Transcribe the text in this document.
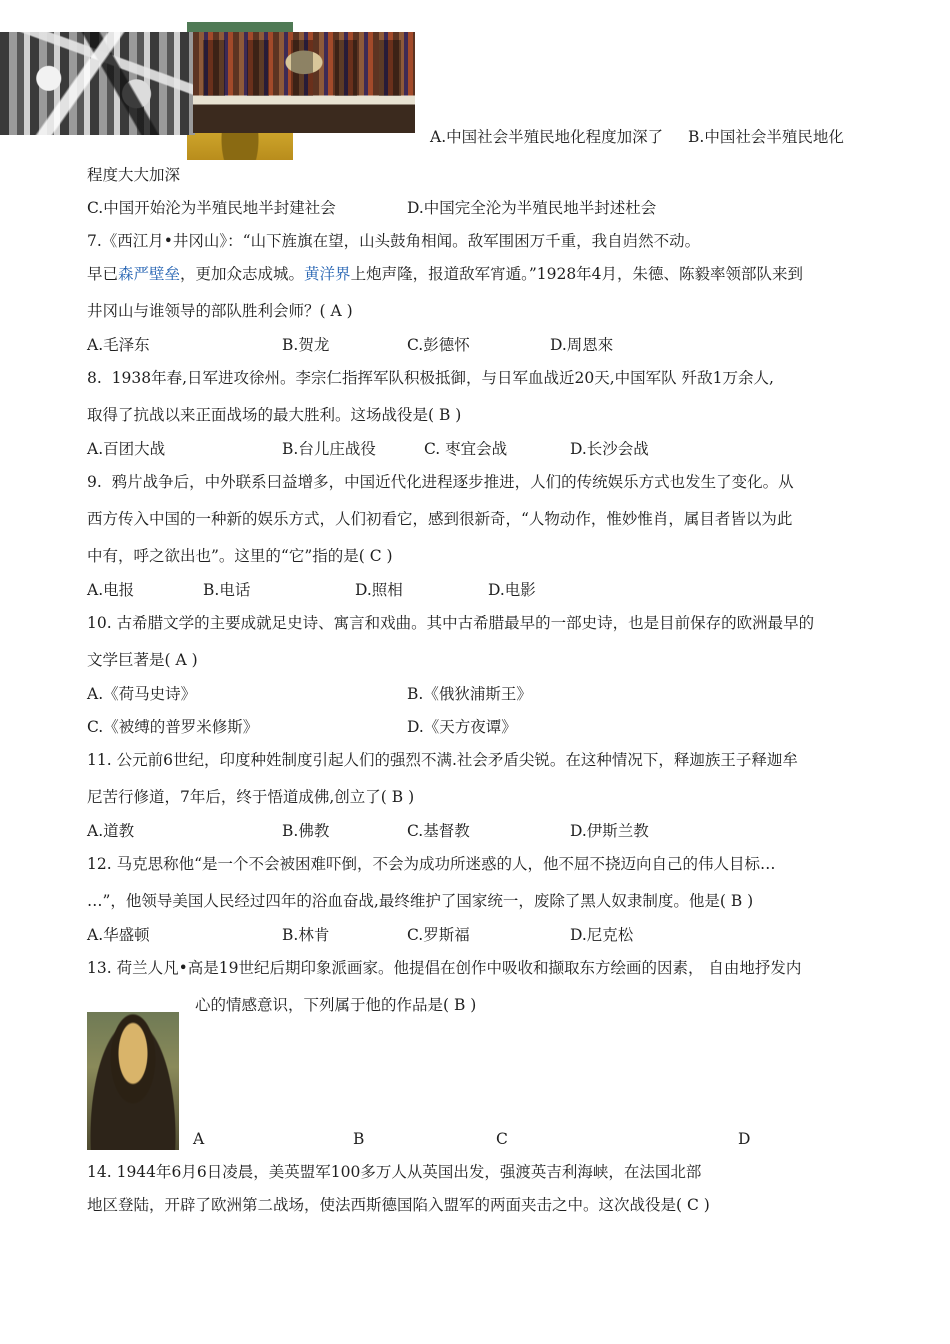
A.中国社会半殖民地化程度加深了 B.中国社会半殖民地化
程度大大加深
C.中国开始沦为半殖民地半封建社会	D.中国完全沦为半殖民地半封述杜会
7.《西江月•井冈山》：“山下旌旗在望，山头鼓角相闻。敌军围困万千重，我自岿然不动。
早已森严壁垒，更加众志成城。黄洋界上炮声隆，报道敌军宵遁。”1928年4月，朱德、陈毅率领部队来到
井冈山与谁领导的部队胜利会师？( A )
A.毛泽东	B.贺龙	C.彭德怀	D.周恩來
8.  1938年春,日军进攻徐州。李宗仁指挥军队积极抵御，与日军血战近20天,中国军队 歼敌1万余人,
取得了抗战以来正面战场的最大胜利。这场战役是( B )
A.百团大战	B.台儿庄战役	C. 枣宜会战	D.长沙会战
9.  鸦片战争后，中外联系曰益增多，中国近代化进程逐步推进，人们的传统娱乐方式也发生了变化。从
西方传入中国的一种新的娱乐方式，人们初看它，感到很新奇，“人物动作，惟妙惟肖，属目者皆以为此
中有，呼之欲出也”。这里的“它”指的是( C )
A.电报	B.电话	D.照相	D.电影
10. 古希腊文学的主要成就足史诗、寓言和戏曲。其中古希腊最早的一部史诗，也是目前保存的欧洲最早的
文学巨著是( A )
A.《荷马史诗》	B.《俄狄浦斯王》
C.《被缚的普罗米修斯》	D.《天方夜谭》
11. 公元前6世纪，印度种姓制度引起人们的强烈不满.社会矛盾尖锐。在这种情况下，释迦族王子释迦牟
尼苦行修道，7年后，终于悟道成佛,创立了( B )
A.道教	B.佛教	C.基督教	D.伊斯兰教
12. 马克思称他“是一个不会被困难吓倒，不会为成功所迷惑的人，他不屈不挠迈向自己的伟人目标…
…”，他领导美国人民经过四年的浴血奋战,最终维护了国家统一，废除了黑人奴隶制度。他是( B )
A.华盛顿	B.林肯	C.罗斯福	D.尼克松
13. 荷兰人凡•高是19世纪后期印象派画家。他提倡在创作中吸收和撷取东方绘画的因素， 自由地抒发内
心的情感意识，下列属于他的作品是( B )
A	B	C	D
14. 1944年6月6日凌晨，美英盟军100多万人从英国出发，强渡英吉利海峡，在法国北部
地区登陆，开辟了欧洲第二战场，使法西斯德国陷入盟军的两面夹击之中。这次战役是( C )
